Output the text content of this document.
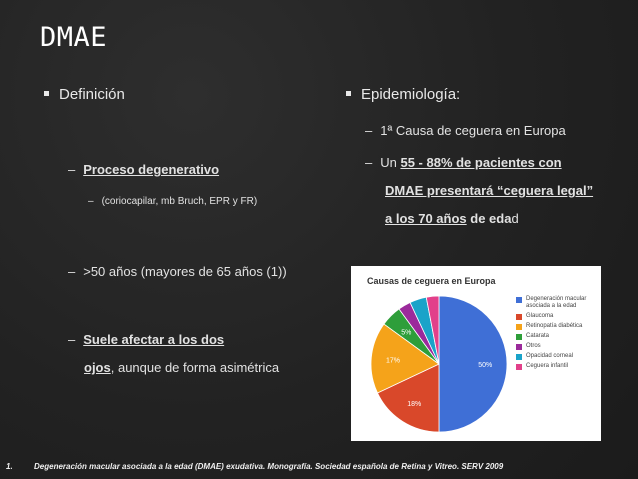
DMAE
Definición
– Proceso degenerativo
– (coriocapilar, mb Bruch, EPR y FR)
– >50 años (mayores de 65 años (1))
– Suele afectar a los dos
ojos, aunque de forma asimétrica
Epidemiología:
– 1ª Causa de ceguera en Europa
– Un 55 - 88% de pacientes con
DMAE presentará “ceguera legal”
a los 70 años de edad
Causas de ceguera en Europa
50%
18%
17%
5%
Degeneración macular asociada a la edad
Glaucoma
Retinopatía diabética
Catarata
Otros
Opacidad corneal
Ceguera infantil
1.	Degeneración macular asociada a la edad (DMAE) exudativa. Monografía. Sociedad española de Retina y Vitreo. SERV 2009
